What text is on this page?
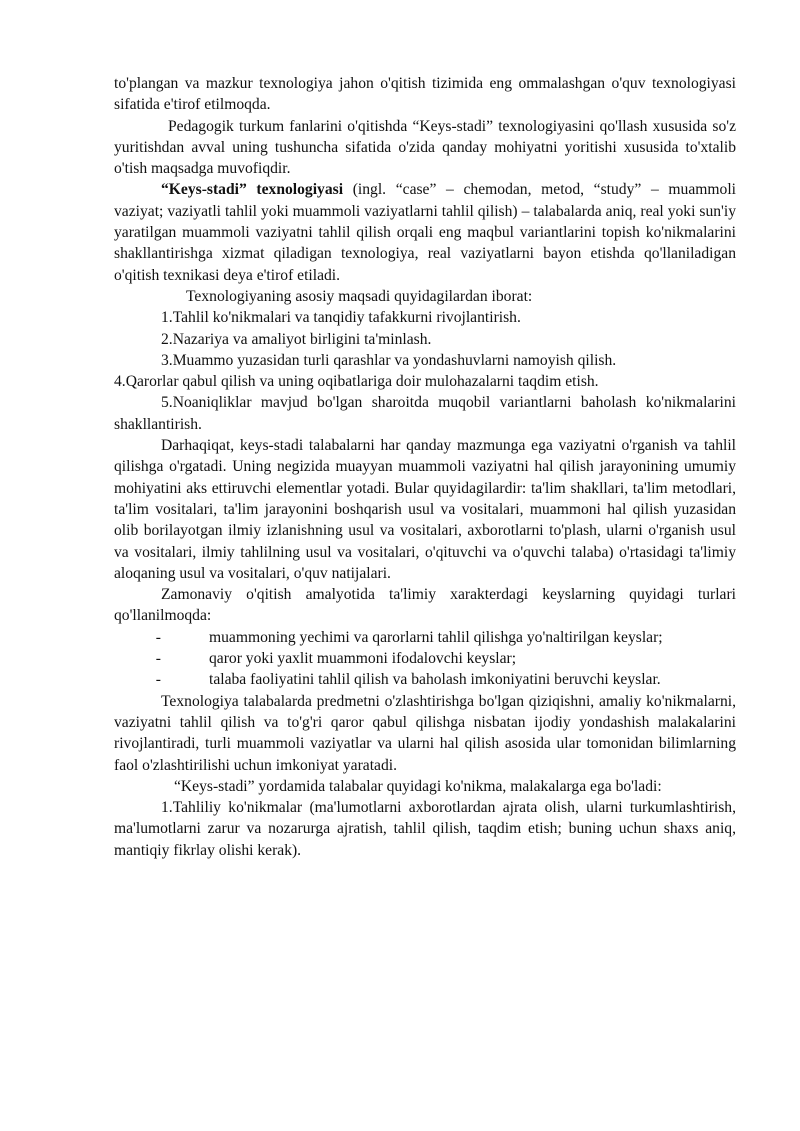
to'plangan va mazkur texnologiya jahon o'qitish tizimida eng ommalashgan o'quv texnologiyasi sifatida e'tirof etilmoqda.

Pedagogik turkum fanlarini o'qitishda “Keys-stadi” texnologiyasini qo'llash xususida so'z yuritishdan avval uning tushuncha sifatida o'zida qanday mohiyatni yoritishi xususida to'xtalib o'tish maqsadga muvofiqdir.

“Keys-stadi” texnologiyasi (ingl. “case” – chemodan, metod, “study” – muammoli vaziyat; vaziyatli tahlil yoki muammoli vaziyatlarni tahlil qilish) – talabalarda aniq, real yoki sun'iy yaratilgan muammoli vaziyatni tahlil qilish orqali eng maqbul variantlarini topish ko'nikmalarini shakllantirishga xizmat qiladigan texnologiya, real vaziyatlarni bayon etishda qo'llaniladigan o'qitish texnikasi deya e'tirof etiladi.

Texnologiyaning asosiy maqsadi quyidagilardan iborat:

1.Tahlil ko'nikmalari va tanqidiy tafakkurni rivojlantirish.

2.Nazariya va amaliyot birligini ta'minlash.

3.Muammo yuzasidan turli qarashlar va yondashuvlarni namoyish qilish.

4.Qarorlar qabul qilish va uning oqibatlariga doir mulohazalarni taqdim etish.

5.Noaniqliklar mavjud bo'lgan sharoitda muqobil variantlarni baholash ko'nikmalarini shakllantirish.

Darhaqiqat, keys-stadi talabalarni har qanday mazmunga ega vaziyatni o'rganish va tahlil qilishga o'rgatadi. Uning negizida muayyan muammoli vaziyatni hal qilish jarayonining umumiy mohiyatini aks ettiruvchi elementlar yotadi. Bular quyidagilardir: ta'lim shakllari, ta'lim metodlari, ta'lim vositalari, ta'lim jarayonini boshqarish usul va vositalari, muammoni hal qilish yuzasidan olib borilayotgan ilmiy izlanishning usul va vositalari, axborotlarni to'plash, ularni o'rganish usul va vositalari, ilmiy tahlilning usul va vositalari, o'qituvchi va o'quvchi talaba) o'rtasidagi ta'limiy aloqaning usul va vositalari, o'quv natijalari.

Zamonaviy o'qitish amalyotida ta'limiy xarakterdagi keyslarning quyidagi turlari qo'llanilmoqda:

-	muammoning yechimi va qarorlarni tahlil qilishga yo'naltirilgan keyslar;

-	qaror yoki yaxlit muammoni ifodalovchi keyslar;

-	talaba faoliyatini tahlil qilish va baholash imkoniyatini beruvchi keyslar.

Texnologiya talabalarda predmetni o'zlashtirishga bo'lgan qiziqishni, amaliy ko'nikmalarni, vaziyatni tahlil qilish va to'g'ri qaror qabul qilishga nisbatan ijodiy yondashish malakalarini rivojlantiradi, turli muammoli vaziyatlar va ularni hal qilish asosida ular tomonidan bilimlarning faol o'zlashtirilishi uchun imkoniyat yaratadi.

“Keys-stadi” yordamida talabalar quyidagi ko'nikma, malakalarga ega bo'ladi:

1.Tahliliy ko'nikmalar (ma'lumotlarni axborotlardan ajrata olish, ularni turkumlashtirish, ma'lumotlarni zarur va nozarurga ajratish, tahlil qilish, taqdim etish; buning uchun shaxs aniq, mantiqiy fikrlay olishi kerak).
